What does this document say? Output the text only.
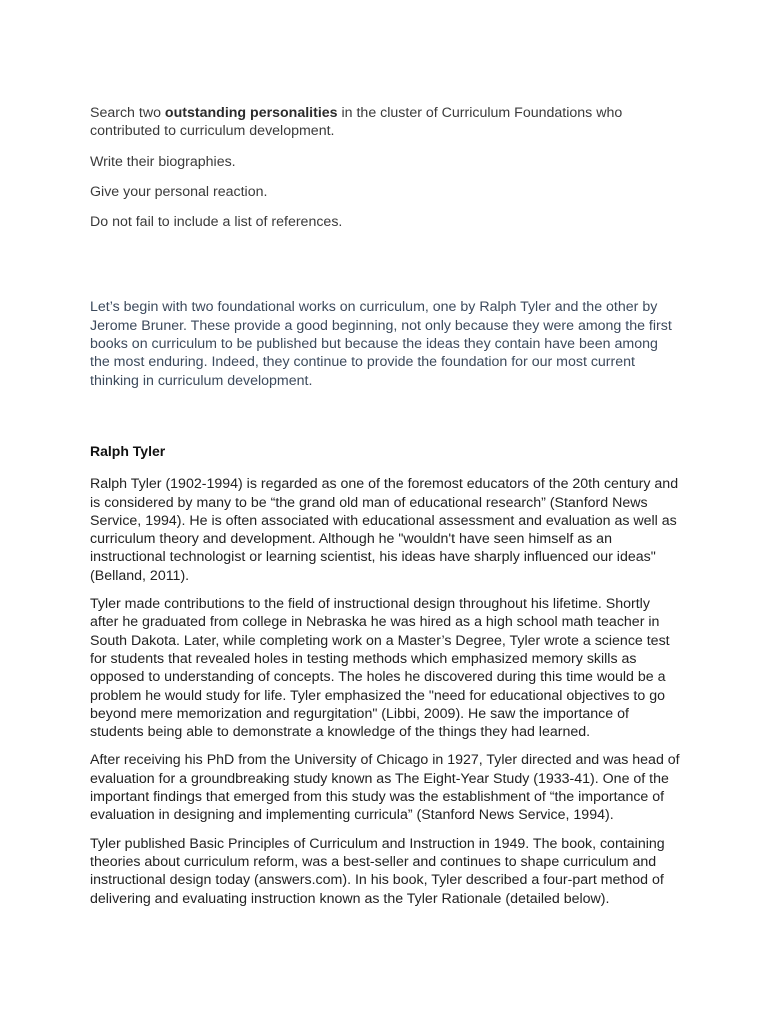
Search two outstanding personalities in the cluster of Curriculum Foundations who contributed to curriculum development.

Write their biographies.

Give your personal reaction.

Do not fail to include a list of references.

Let’s begin with two foundational works on curriculum, one by Ralph Tyler and the other by Jerome Bruner. These provide a good beginning, not only because they were among the first books on curriculum to be published but because the ideas they contain have been among the most enduring. Indeed, they continue to provide the foundation for our most current thinking in curriculum development.

Ralph Tyler

Ralph Tyler (1902-1994) is regarded as one of the foremost educators of the 20th century and is considered by many to be “the grand old man of educational research” (Stanford News Service, 1994). He is often associated with educational assessment and evaluation as well as curriculum theory and development. Although he "wouldn't have seen himself as an instructional technologist or learning scientist, his ideas have sharply influenced our ideas" (Belland, 2011).

Tyler made contributions to the field of instructional design throughout his lifetime. Shortly after he graduated from college in Nebraska he was hired as a high school math teacher in South Dakota. Later, while completing work on a Master’s Degree, Tyler wrote a science test for students that revealed holes in testing methods which emphasized memory skills as opposed to understanding of concepts. The holes he discovered during this time would be a problem he would study for life. Tyler emphasized the "need for educational objectives to go beyond mere memorization and regurgitation" (Libbi, 2009). He saw the importance of students being able to demonstrate a knowledge of the things they had learned.

After receiving his PhD from the University of Chicago in 1927, Tyler directed and was head of evaluation for a groundbreaking study known as The Eight-Year Study (1933-41). One of the important findings that emerged from this study was the establishment of “the importance of evaluation in designing and implementing curricula” (Stanford News Service, 1994).

Tyler published Basic Principles of Curriculum and Instruction in 1949. The book, containing theories about curriculum reform, was a best-seller and continues to shape curriculum and instructional design today (answers.com). In his book, Tyler described a four-part method of delivering and evaluating instruction known as the Tyler Rationale (detailed below).
